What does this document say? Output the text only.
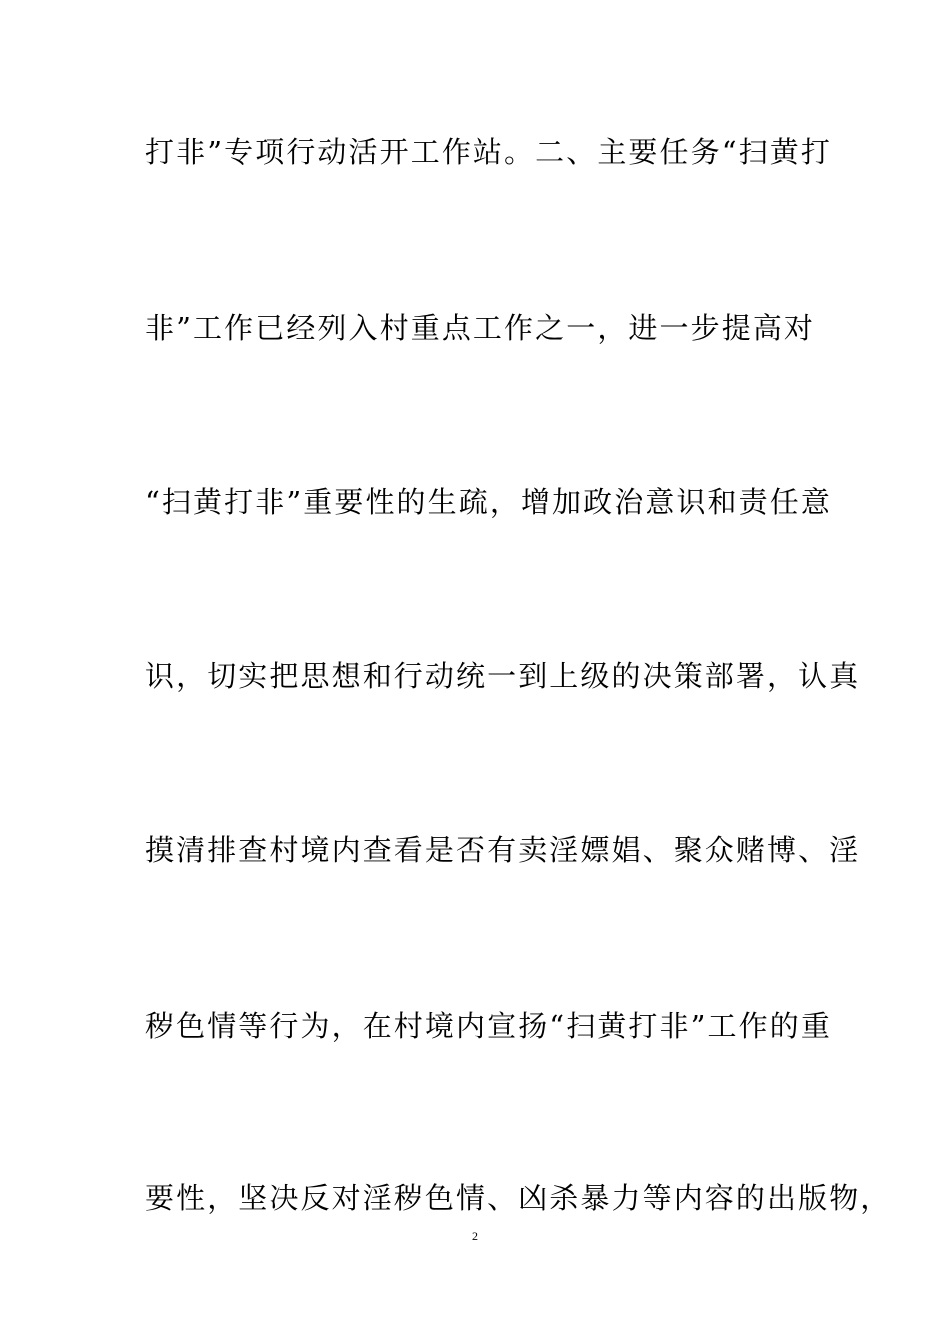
打非”专项行动活开工作站。二、主要任务“扫黄打
非”工作已经列入村重点工作之一，进一步提高对
“扫黄打非”重要性的生疏，增加政治意识和责任意
识，切实把思想和行动统一到上级的决策部署，认真
摸清排查村境内查看是否有卖淫嫖娼、聚众赌博、淫
秽色情等行为，在村境内宣扬“扫黄打非”工作的重
要性，坚决反对淫秽色情、凶杀暴力等内容的出版物，
2
